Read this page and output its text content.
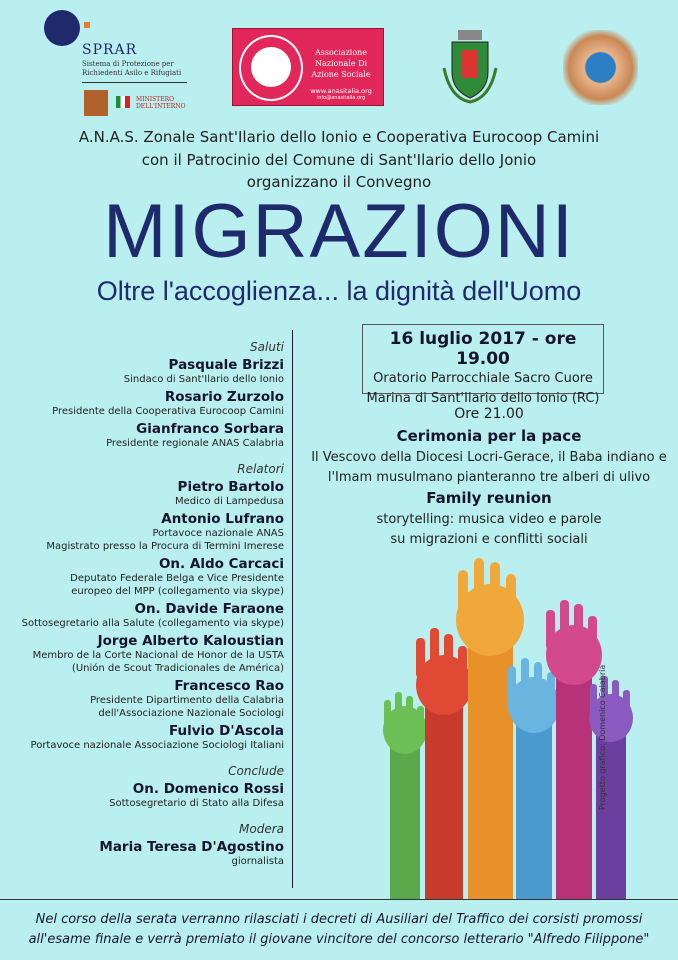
SPRAR
Sistema di Protezione per Richiedenti Asilo e Rifugiati
MINISTERO DELL'INTERNO
Associazione Nazionale Di Azione Sociale
www.anasitalia.org
info@anasitalia.org
A.N.A.S. Zonale Sant'Ilario dello Ionio e Cooperativa Eurocoop Camini
con il Patrocinio del Comune di Sant'Ilario dello Jonio
organizzano il Convegno
MIGRAZIONI
Oltre l'accoglienza... la dignità dell'Uomo
Saluti
Pasquale Brizzi
Sindaco di Sant'Ilario dello Ionio
Rosario Zurzolo
Presidente della Cooperativa Eurocoop Camini
Gianfranco Sorbara
Presidente regionale ANAS Calabria
Relatori
Pietro Bartolo
Medico di Lampedusa
Antonio Lufrano
Portavoce nazionale ANAS
Magistrato presso la Procura di Termini Imerese
On. Aldo Carcaci
Deputato Federale Belga e Vice Presidente
europeo del MPP (collegamento via skype)
On. Davide Faraone
Sottosegretario alla Salute (collegamento via skype)
Jorge Alberto Kaloustian
Membro de la Corte Nacional de Honor de la USTA
(Unión de Scout Tradicionales de América)
Francesco Rao
Presidente Dipartimento della Calabria
dell'Associazione Nazionale Sociologi
Fulvio D'Ascola
Portavoce nazionale Associazione Sociologi Italiani
Conclude
On. Domenico Rossi
Sottosegretario di Stato alla Difesa
Modera
Maria Teresa D'Agostino
giornalista
16 luglio 2017 - ore 19.00
Oratorio Parrocchiale Sacro Cuore
Marina di Sant'Ilario dello Ionio (RC)
Ore 21.00
Cerimonia per la pace
Il Vescovo della Diocesi Locri-Gerace, il Baba indiano e
l'Imam musulmano pianteranno tre alberi di ulivo
Family reunion
storytelling: musica video e parole
su migrazioni e conflitti sociali
Progetto grafico: Domenico Calabria
Nel corso della serata verranno rilasciati i decreti di Ausiliari del Traffico dei corsisti promossi
all'esame finale e verrà premiato il giovane vincitore del concorso letterario "Alfredo Filippone"
